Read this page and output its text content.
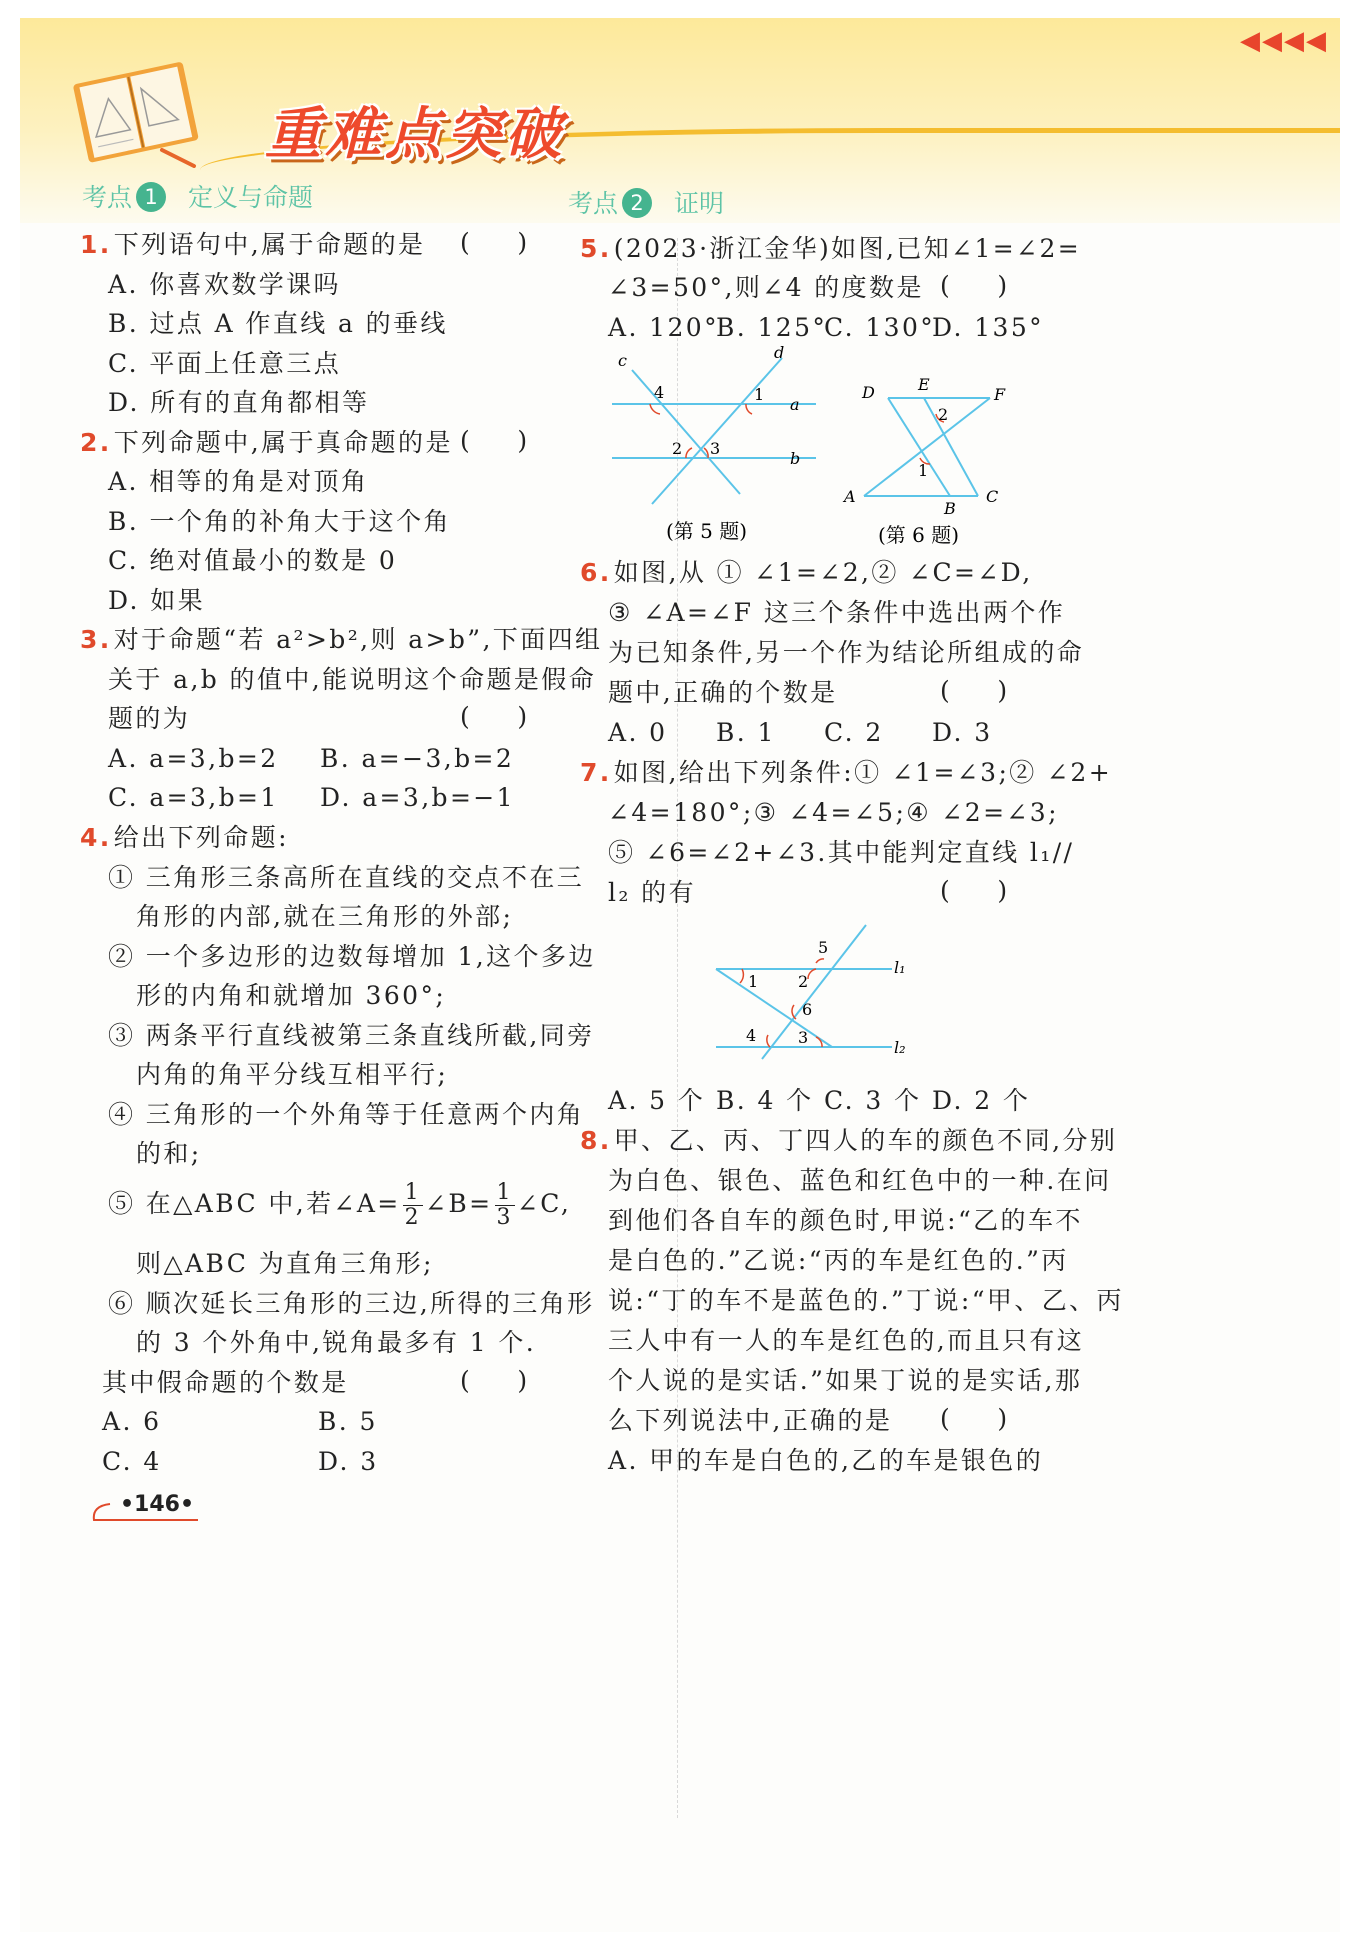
重难点突破
◀◀◀◀
考点 1 定义与命题
1.下列语句中,属于命题的是
A. 你喜欢数学课吗
B. 过点 A 作直线 a 的垂线
C. 平面上任意三点
D. 所有的直角都相等
2.下列命题中,属于真命题的是
A. 相等的角是对顶角
B. 一个角的补角大于这个角
C. 绝对值最小的数是 0
D. 如果
3.对于命题“若 a²>b²,则 a>b”,下面四组
关于 a,b 的值中,能说明这个命题是假命
题的为
(      )
(      )
(      )
A. a=3,b=2 B. a=−3,b=2
C. a=3,b=1 D. a=3,b=−1
4.给出下列命题:
① 三角形三条高所在直线的交点不在三
角形的内部,就在三角形的外部;
② 一个多边形的边数每增加 1,这个多边
形的内角和就增加 360°;
③ 两条平行直线被第三条直线所截,同旁
内角的角平分线互相平行;
④ 三角形的一个外角等于任意两个内角
的和;
⑤ 在△ABC 中,若∠A= $\frac{1}{2}$ ∠B= $\frac{1}{3}$ ∠C,
则△ABC 为直角三角形;
⑥ 顺次延长三角形的三边,所得的三角形
的 3 个外角中,锐角最多有 1 个.
其中假命题的个数是	(      )
A. 6	B. 5
C. 4	D. 3
考点 2 证明
5.(2023·浙江金华)如图,已知∠1=∠2=
∠3=50°,则∠4 的度数是 (      )
A. 120°
B. 125°
C. 130°
D. 135°
c	d
a
b
4	1
2 3
(第 5 题)
D	E
F
A
B
C
2
1
(第 6 题)
6.如图,从 ① ∠1=∠2,② ∠C=∠D,
③ ∠A=∠F 这三个条件中选出两个作
为已知条件,另一个作为结论所组成的命
题中,正确的个数是	(      )
A. 0 B. 1 C. 2 D. 3
7.如图,给出下列条件:① ∠1=∠3;② ∠2+
∠4=180°;③ ∠4=∠5;④ ∠2=∠3;
⑤ ∠6=∠2+∠3.其中能判定直线 l₁//
l₂ 的有	(      )
1 2
5
6
4	3
l₁
l₂
A. 5 个 B. 4 个 C. 3 个 D. 2 个
8.甲、乙、丙、丁四人的车的颜色不同,分别
为白色、银色、蓝色和红色中的一种.在问
到他们各自车的颜色时,甲说:“乙的车不
是白色的.”乙说:“丙的车是红色的.”丙
说:“丁的车不是蓝色的.”丁说:“甲、乙、丙
三人中有一人的车是红色的,而且只有这
个人说的是实话.”如果丁说的是实话,那
么下列说法中,正确的是 (      )
A. 甲的车是白色的,乙的车是银色的
•146•
